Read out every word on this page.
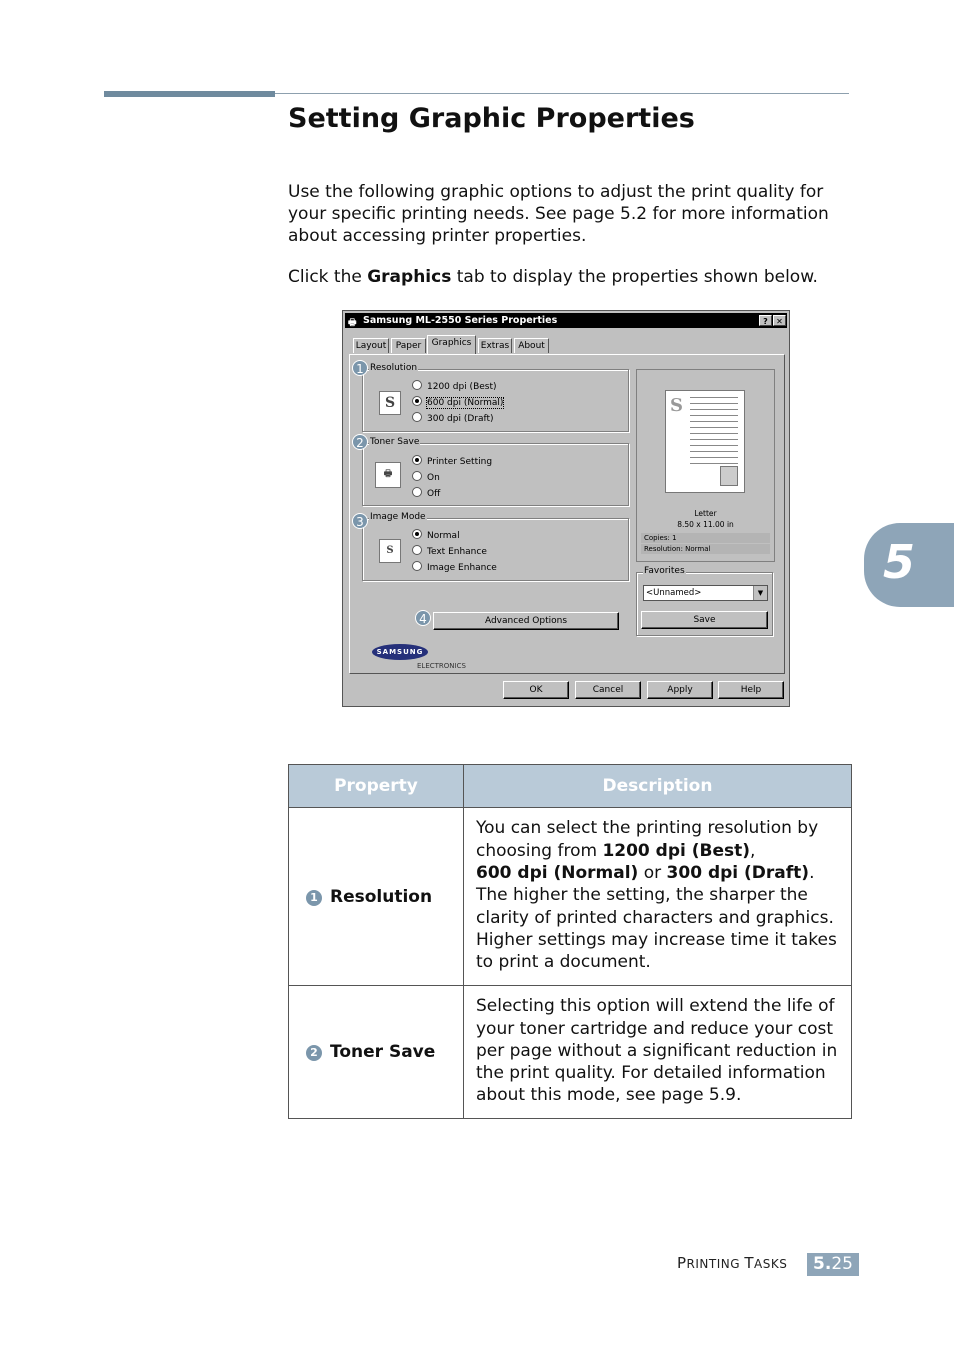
Setting Graphic Properties

Use the following graphic options to adjust the print quality for your specific printing needs. See page 5.2 for more information about accessing printer properties.

Click the Graphics tab to display the properties shown below.

5
🖶 Samsung ML-2550 Series Properties	?	✕
Layout	Paper	Graphics	Extras About
Resolution
S
1200 dpi (Best)
600 dpi (Normal)
300 dpi (Draft)
1
Toner Save
🖶
Printer Setting
On
Off
2
Image Mode
S
Normal
Text Enhance
Image Enhance
3
4	Advanced Options
S
Letter
8.50 x 11.00 in
Copies: 1
Resolution: Normal
Favorites
<Unnamed>	▼
Save
SAMSUNG
ELECTRONICS
OK	Cancel	Apply	Help
Property	Description
1 Resolution	You can select the printing resolution by choosing from 1200 dpi (Best),
600 dpi (Normal) or 300 dpi (Draft). The higher the setting, the sharper the clarity of printed characters and graphics. Higher settings may increase time it takes to print a document.
2 Toner Save	Selecting this option will extend the life of your toner cartridge and reduce your cost per page without a significant reduction in the print quality. For detailed information about this mode, see page 5.9.
PRINTING TASKS	5.25
